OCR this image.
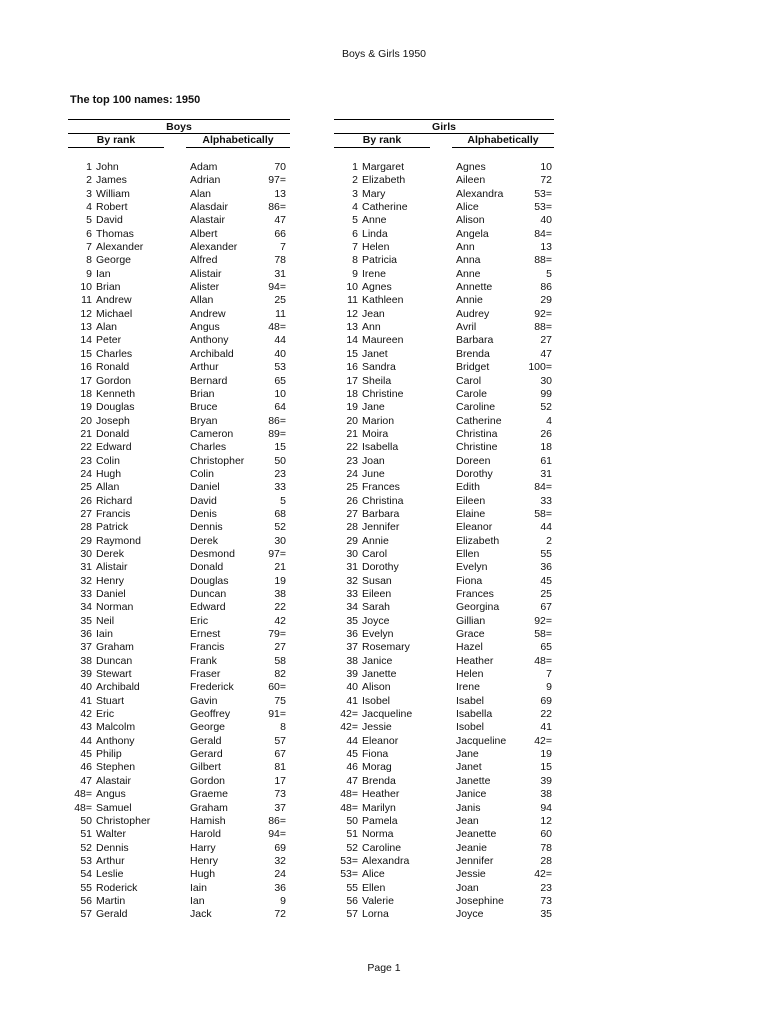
Boys & Girls 1950
The top 100 names: 1950
Boys	Girls
By rank	Alphabetically	By rank	Alphabetically
1 John	Adam	70	1 Margaret	Agnes	10
2 James	Adrian	97=	2 Elizabeth	Aileen	72
3 William	Alan	13	3 Mary	Alexandra	53=
4 Robert	Alasdair	86=	4 Catherine	Alice	53=
5 David	Alastair	47	5 Anne	Alison	40
6 Thomas	Albert	66	6 Linda	Angela	84=
7 Alexander	Alexander	7	7 Helen	Ann	13
8 George	Alfred	78	8 Patricia	Anna	88=
9 Ian	Alistair	31	9 Irene	Anne	5
10 Brian	Alister	94=	10 Agnes	Annette	86
11 Andrew	Allan	25	11 Kathleen	Annie	29
12 Michael	Andrew	11	12 Jean	Audrey	92=
13 Alan	Angus	48=	13 Ann	Avril	88=
14 Peter	Anthony	44	14 Maureen	Barbara	27
15 Charles	Archibald	40	15 Janet	Brenda	47
16 Ronald	Arthur	53	16 Sandra	Bridget	100=
17 Gordon	Bernard	65	17 Sheila	Carol	30
18 Kenneth	Brian	10	18 Christine	Carole	99
19 Douglas	Bruce	64	19 Jane	Caroline	52
20 Joseph	Bryan	86=	20 Marion	Catherine	4
21 Donald	Cameron	89=	21 Moira	Christina	26
22 Edward	Charles	15	22 Isabella	Christine	18
23 Colin	Christopher	50	23 Joan	Doreen	61
24 Hugh	Colin	23	24 June	Dorothy	31
25 Allan	Daniel	33	25 Frances	Edith	84=
26 Richard	David	5	26 Christina	Eileen	33
27 Francis	Denis	68	27 Barbara	Elaine	58=
28 Patrick	Dennis	52	28 Jennifer	Eleanor	44
29 Raymond	Derek	30	29 Annie	Elizabeth	2
30 Derek	Desmond	97=	30 Carol	Ellen	55
31 Alistair	Donald	21	31 Dorothy	Evelyn	36
32 Henry	Douglas	19	32 Susan	Fiona	45
33 Daniel	Duncan	38	33 Eileen	Frances	25
34 Norman	Edward	22	34 Sarah	Georgina	67
35 Neil	Eric	42	35 Joyce	Gillian	92=
36 Iain	Ernest	79=	36 Evelyn	Grace	58=
37 Graham	Francis	27	37 Rosemary	Hazel	65
38 Duncan	Frank	58	38 Janice	Heather	48=
39 Stewart	Fraser	82	39 Janette	Helen	7
40 Archibald	Frederick	60=	40 Alison	Irene	9
41 Stuart	Gavin	75	41 Isobel	Isabel	69
42 Eric	Geoffrey	91=	42= Jacqueline	Isabella	22
43 Malcolm	George	8	42= Jessie	Isobel	41
44 Anthony	Gerald	57	44 Eleanor	Jacqueline	42=
45 Philip	Gerard	67	45 Fiona	Jane	19
46 Stephen	Gilbert	81	46 Morag	Janet	15
47 Alastair	Gordon	17	47 Brenda	Janette	39
48= Angus	Graeme	73	48= Heather	Janice	38
48= Samuel	Graham	37	48= Marilyn	Janis	94
50 Christopher	Hamish	86=	50 Pamela	Jean	12
51 Walter	Harold	94=	51 Norma	Jeanette	60
52 Dennis	Harry	69	52 Caroline	Jeanie	78
53 Arthur	Henry	32	53= Alexandra	Jennifer	28
54 Leslie	Hugh	24	53= Alice	Jessie	42=
55 Roderick	Iain	36	55 Ellen	Joan	23
56 Martin	Ian	9	56 Valerie	Josephine	73
57 Gerald	Jack	72	57 Lorna	Joyce	35
Page 1
